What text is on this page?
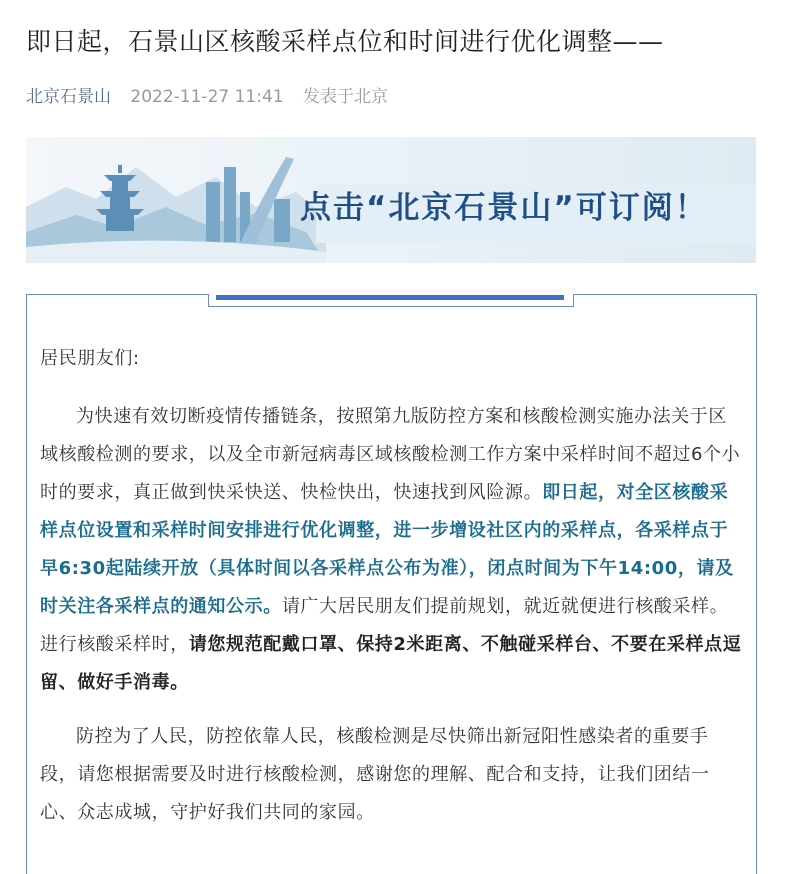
即日起，石景山区核酸采样点位和时间进行优化调整——
北京石景山 2022-11-27 11:41 发表于北京
点击“北京石景山”可订阅！

居民朋友们:

为快速有效切断疫情传播链条，按照第九版防控方案和核酸检测实施办法关于区域核酸检测的要求，以及全市新冠病毒区域核酸检测工作方案中采样时间不超过6个小时的要求，真正做到快采快送、快检快出，快速找到风险源。即日起，对全区核酸采样点位设置和采样时间安排进行优化调整，进一步增设社区内的采样点，各采样点于早6:30起陆续开放（具体时间以各采样点公布为准），闭点时间为下午14:00，请及时关注各采样点的通知公示。请广大居民朋友们提前规划，就近就便进行核酸采样。进行核酸采样时，请您规范配戴口罩、保持2米距离、不触碰采样台、不要在采样点逗留、做好手消毒。

防控为了人民，防控依靠人民，核酸检测是尽快筛出新冠阳性感染者的重要手段，请您根据需要及时进行核酸检测，感谢您的理解、配合和支持，让我们团结一心、众志成城，守护好我们共同的家园。
